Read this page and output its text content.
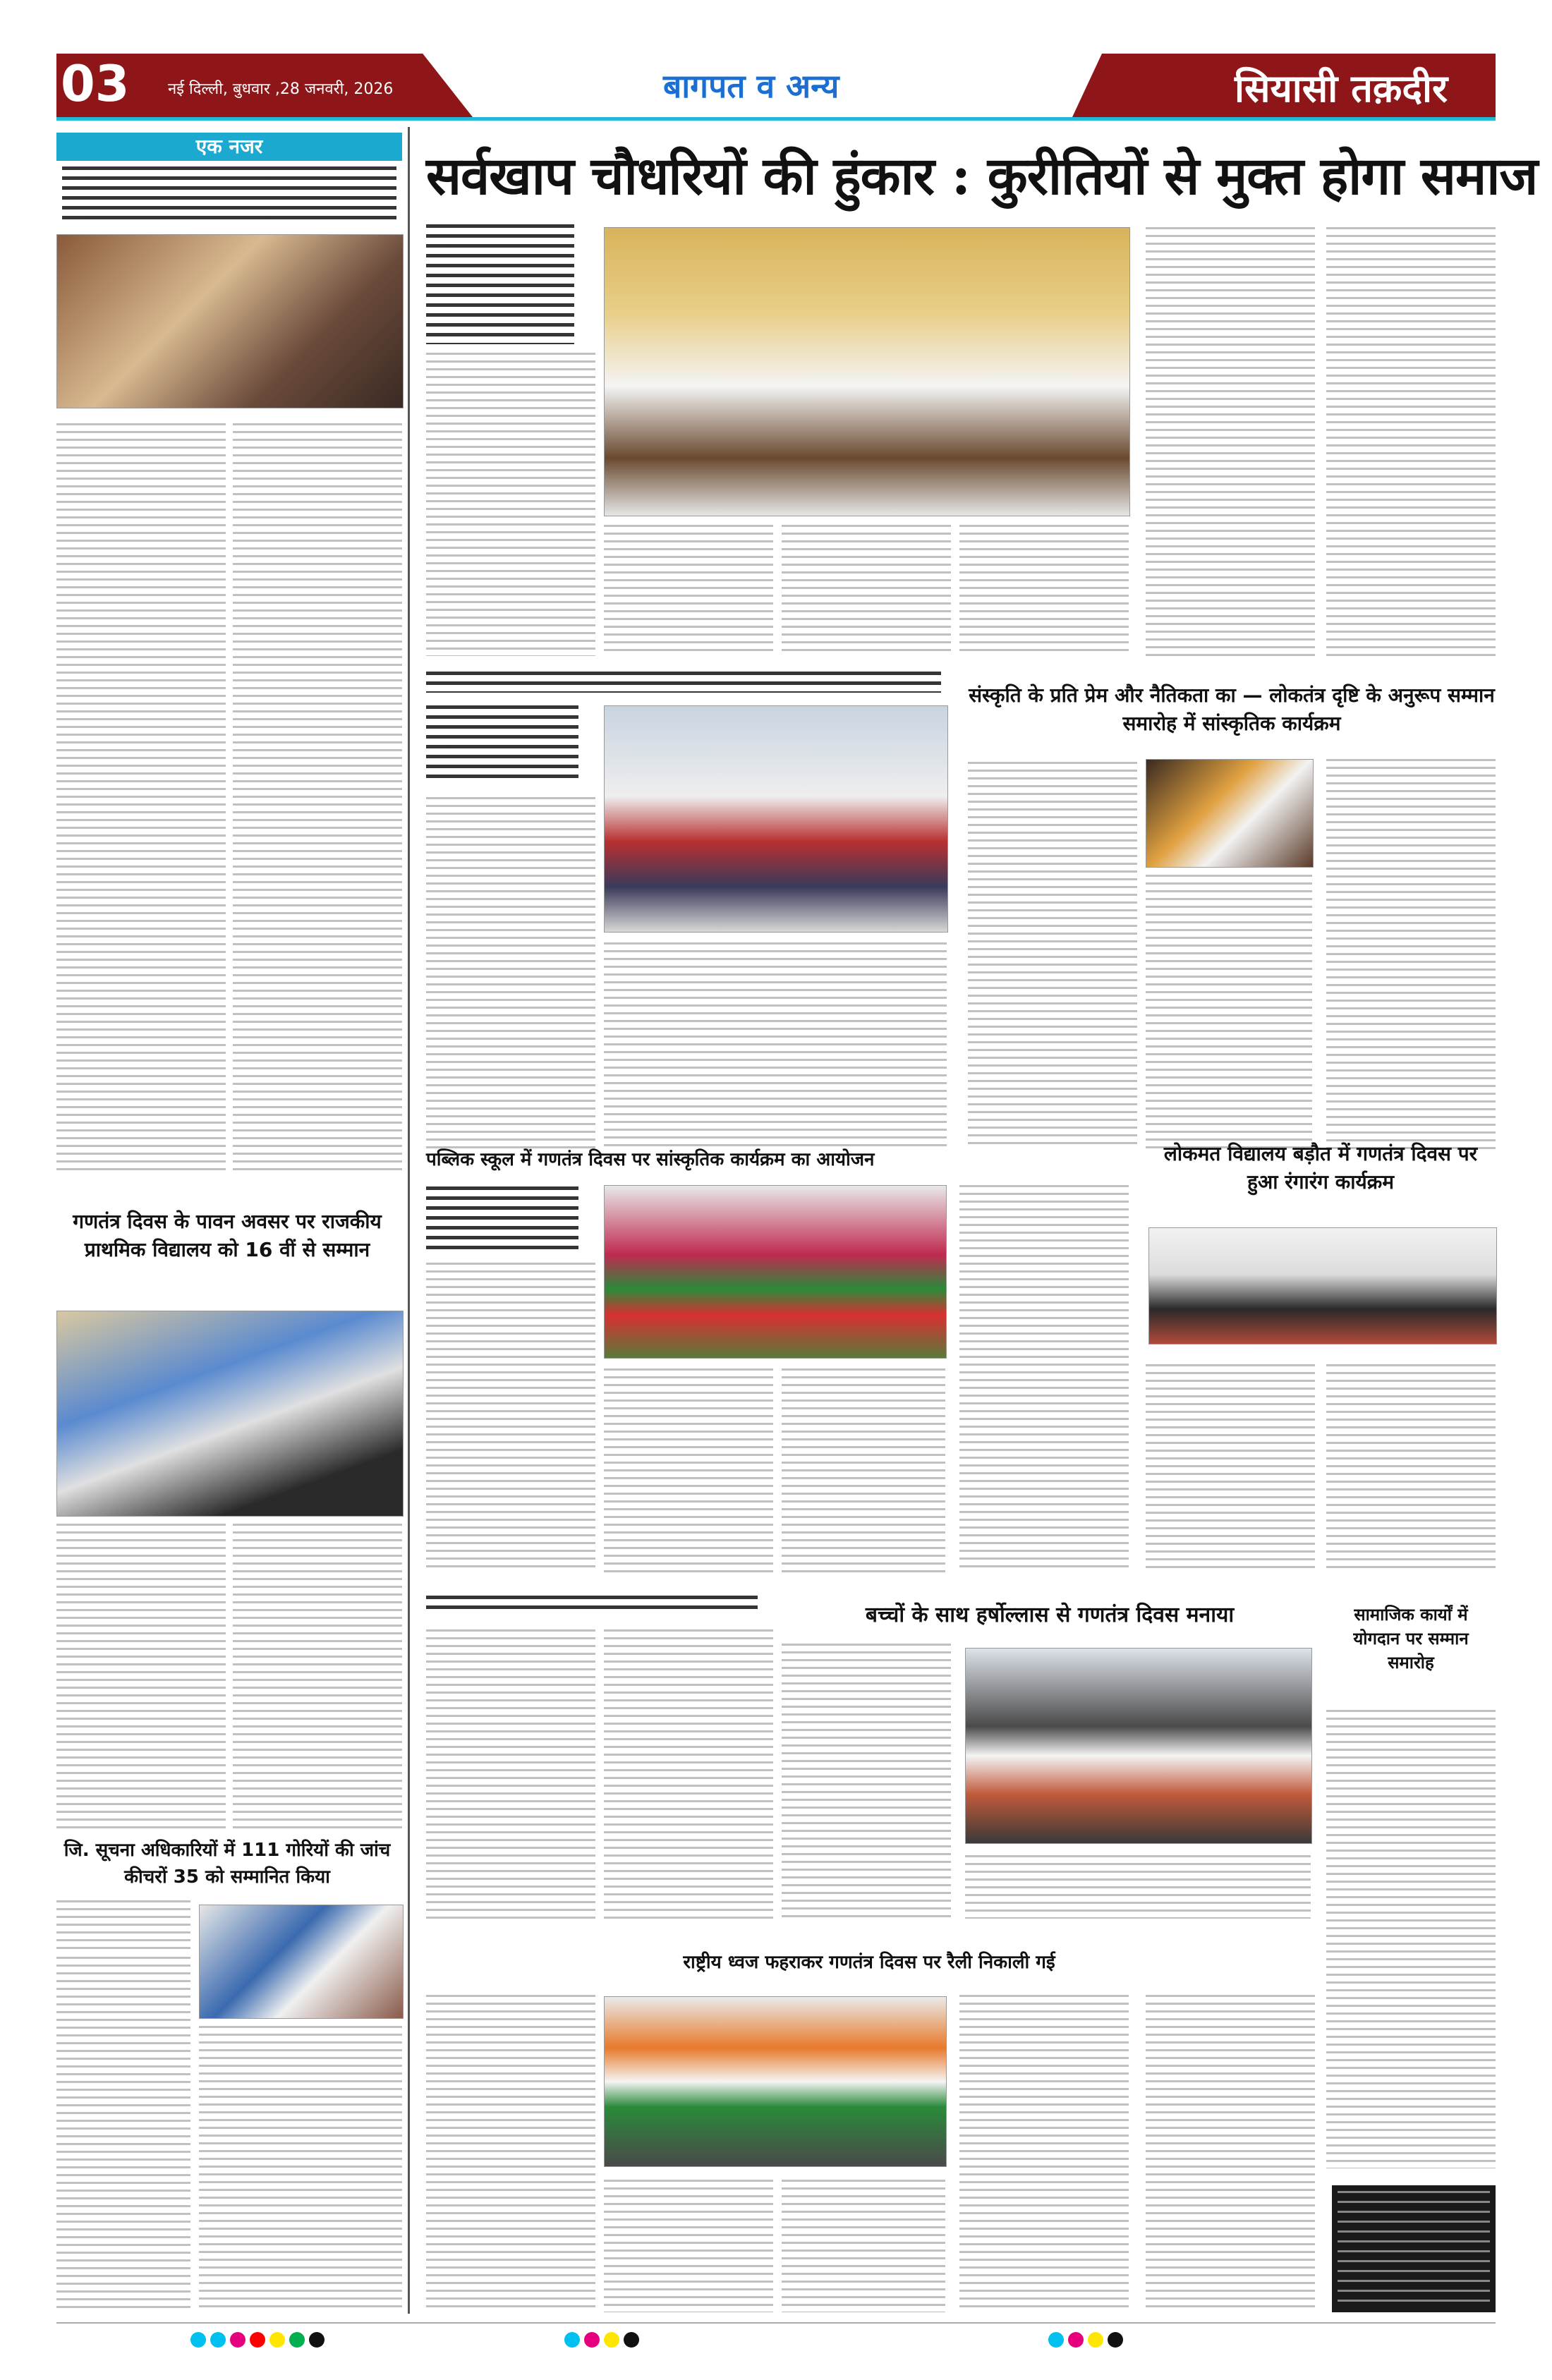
03 नई दिल्ली, बुधवार ,28 जनवरी, 2026	बागपत व अन्य	सियासी तक़दीर
एक नजर
गणतंत्र दिवस के पावन अवसर पर राजकीय प्राथमिक विद्यालय को 16 वीं से सम्मान
जि. सूचना अधिकारियों में 111 गोरियों की जांच कीचरों 35 को सम्मानित किया
सर्वखाप चौधरियों की हुंकार : कुरीतियों से मुक्त होगा समाज
संस्कृति के प्रति प्रेम और नैतिकता का — लोकतंत्र दृष्टि के अनुरूप सम्मान समारोह में सांस्कृतिक कार्यक्रम
पब्लिक स्कूल में गणतंत्र दिवस पर सांस्कृतिक कार्यक्रम का आयोजन	लोकमत विद्यालय बड़ौत में गणतंत्र दिवस पर हुआ रंगारंग कार्यक्रम
बच्चों के साथ हर्षोल्लास से गणतंत्र दिवस मनाया	सामाजिक कार्यों में योगदान पर सम्मान समारोह
राष्ट्रीय ध्वज फहराकर गणतंत्र दिवस पर रैली निकाली गई
